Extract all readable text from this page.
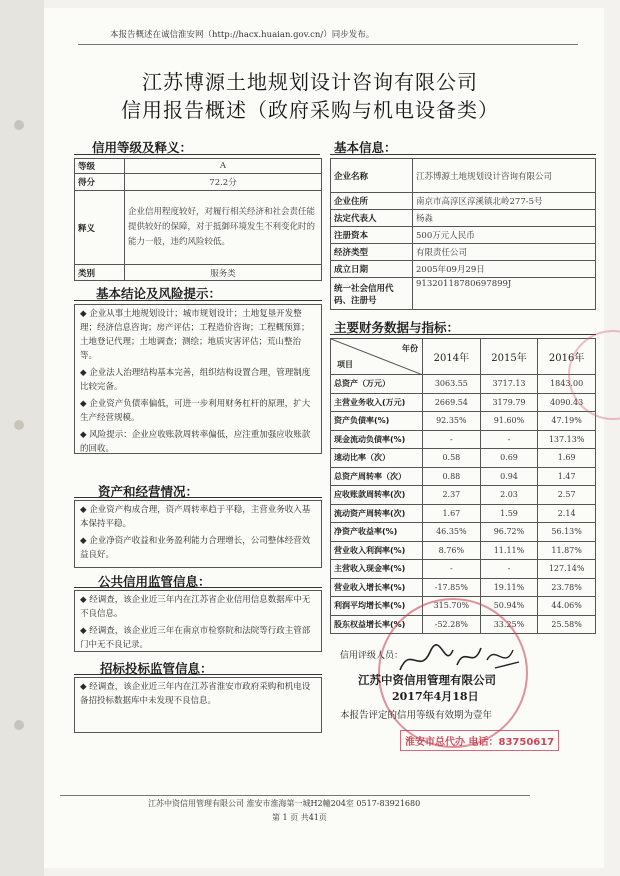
本报告概述在诚信淮安网（http://hacx.huaian.gov.cn/）同步发布。
江苏博源土地规划设计咨询有限公司
信用报告概述（政府采购与机电设备类）
信用等级及释义：
等级	A
得分	72.2分
释义	企业信用程度较好，对履行相关经济和社会责任能提供较好的保障，对于抵御环境发生不利变化时的能力一般，违约风险较低。
类别	服务类
基本结论及风险提示：

◆ 企业从事土地规划设计；城市规划设计；土地复垦开发整理；经济信息咨询；房产评估；工程造价咨询；工程概预算；土地登记代理；土地调查；测绘；地质灾害评估；荒山整治等。

◆ 企业法人治理结构基本完善，组织结构设置合理，管理制度比较完备。

◆ 企业资产负债率偏低，可进一步利用财务杠杆的原理，扩大生产经营规模。

◆ 风险提示：企业应收账款周转率偏低，应注重加强应收账款的回收。

资产和经营情况：

◆ 企业资产构成合理，资产周转率趋于平稳，主营业务收入基本保持平稳。

◆ 企业净资产收益和业务盈利能力合理增长，公司整体经营效益良好。

公共信用监管信息：

◆ 经调查，该企业近三年内在江苏省企业信用信息数据库中无不良信息。

◆ 经调查，该企业近三年在南京市检察院和法院等行政主管部门中无不良记录。

招标投标监管信息：

◆ 经调查，该企业近三年内在江苏省淮安市政府采购和机电设备招投标数据库中未发现不良信息。

基本信息：
企业名称	江苏博源土地规划设计咨询有限公司
企业住所	南京市高淳区淳溪镇北岭277-5号
法定代表人	杨淼
注册资本	500万元人民币
经济类型	有限责任公司
成立日期	2005年09月29日
统一社会信用代码、注册号	91320118780697899J
主要财务数据与指标：
年份
项目	2014年	2015年	2016年
总资产（万元）	3063.55	3717.13	1843.00
主营业务收入(万元)	2669.54	3179.79	4090.43
资产负债率(%)	92.35%	91.60%	47.19%
现金流动负债率(%)	-	-	137.13%
速动比率（次）	0.58	0.69	1.69
总资产周转率（次）	0.88	0.94	1.47
应收账款周转率(次)	2.37	2.03	2.57
流动资产周转率(次)	1.67	1.59	2.14
净资产收益率(%)	46.35%	96.72%	56.13%
营业收入利润率(%)	8.76%	11.11%	11.87%
主营收入现金率(%)	-	-	127.14%
营业收入增长率(%)	-17.85%	19.11%	23.78%
利润平均增长率(%)	315.70%	50.94%	44.06%
股东权益增长率(%)	-52.28%	33.25%	25.58%
信用评级人员：
江苏中资信用管理有限公司
2017年4月18日
本报告评定的信用等级有效期为壹年
淮安市总代办 电话：83750617
江苏中资信用管理有限公司 淮安市淮海第一城H2幢204室 0517-83921680
第 1 页 共41页
